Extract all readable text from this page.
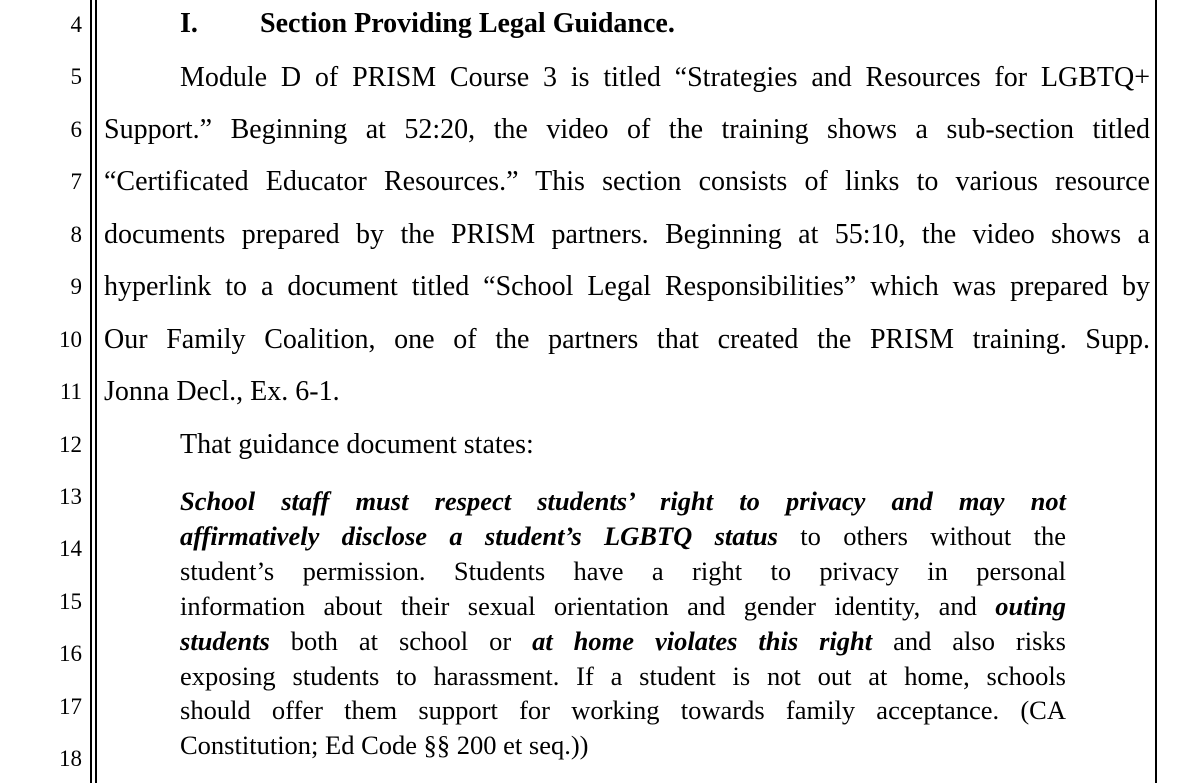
4
5
6
7
8
9
10
11
12
13
14
15
16
17
18
I. Section Providing Legal Guidance.
Module D of PRISM Course 3 is titled “Strategies and Resources for LGBTQ+
Support.” Beginning at 52:20, the video of the training shows a sub-section titled
“Certificated Educator Resources.” This section consists of links to various resource
documents prepared by the PRISM partners. Beginning at 55:10, the video shows a
hyperlink to a document titled “School Legal Responsibilities” which was prepared by
Our Family Coalition, one of the partners that created the PRISM training. Supp.
Jonna Decl., Ex. 6-1.
That guidance document states:
School staff must respect students’ right to privacy and may not
affirmatively disclose a student’s LGBTQ status to others without the
student’s permission. Students have a right to privacy in personal
information about their sexual orientation and gender identity, and outing
students both at school or at home violates this right and also risks
exposing students to harassment. If a student is not out at home, schools
should offer them support for working towards family acceptance. (CA
Constitution; Ed Code §§ 200 et seq.))
